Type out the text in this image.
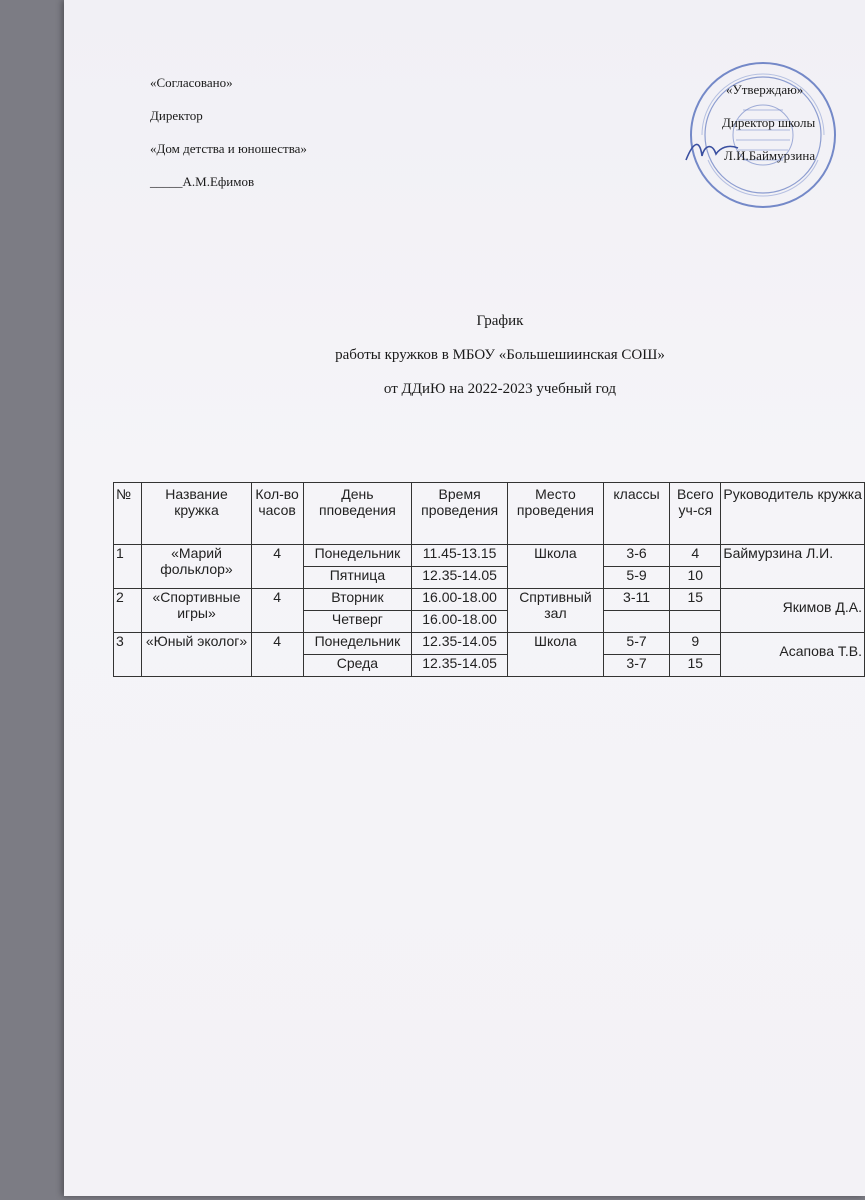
«Согласовано»
Директор
«Дом детства и юношества»
_____А.М.Ефимов
«Утверждаю»
Директор школы
Л.И.Баймурзина
График
работы кружков в МБОУ «Большешиинская СОШ»
от ДДиЮ на 2022-2023 учебный год
№	Название кружка	Кол-во часов	День пповедения	Время проведения	Место проведения	классы	Всего уч-ся	Руководитель кружка
1	«Марий фольклор»	4	Понедельник	11.45-13.15	Школа	3-6	4	Баймурзина Л.И.
			Пятница	12.35-14.05		5-9	10	
2	«Спортивные игры»	4	Вторник	16.00-18.00	Спртивный зал	3-11	15	Якимов Д.А.
			Четверг	16.00-18.00				
3	«Юный эколог»	4	Понедельник	12.35-14.05	Школа	5-7	9	Асапова Т.В.
			Среда	12.35-14.05		3-7	15	
